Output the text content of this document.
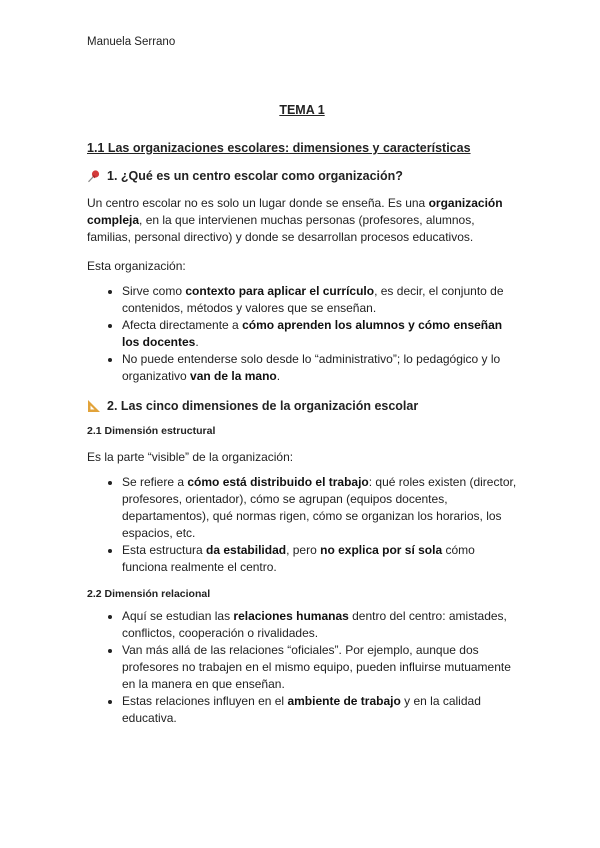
Manuela Serrano
TEMA 1
1.1 Las organizaciones escolares: dimensiones y características
1. ¿Qué es un centro escolar como organización?

Un centro escolar no es solo un lugar donde se enseña. Es una organización compleja, en la que intervienen muchas personas (profesores, alumnos, familias, personal directivo) y donde se desarrollan procesos educativos.

Esta organización:

• Sirve como contexto para aplicar el currículo, es decir, el conjunto de contenidos, métodos y valores que se enseñan.
• Afecta directamente a cómo aprenden los alumnos y cómo enseñan los docentes.
• No puede entenderse solo desde lo “administrativo”; lo pedagógico y lo organizativo van de la mano.
2. Las cinco dimensiones de la organización escolar
2.1 Dimensión estructural

Es la parte “visible” de la organización:

• Se refiere a cómo está distribuido el trabajo: qué roles existen (director, profesores, orientador), cómo se agrupan (equipos docentes, departamentos), qué normas rigen, cómo se organizan los horarios, los espacios, etc.
• Esta estructura da estabilidad, pero no explica por sí sola cómo funciona realmente el centro.
2.2 Dimensión relacional
• Aquí se estudian las relaciones humanas dentro del centro: amistades, conflictos, cooperación o rivalidades.
• Van más allá de las relaciones “oficiales”. Por ejemplo, aunque dos profesores no trabajen en el mismo equipo, pueden influirse mutuamente en la manera en que enseñan.
• Estas relaciones influyen en el ambiente de trabajo y en la calidad educativa.
